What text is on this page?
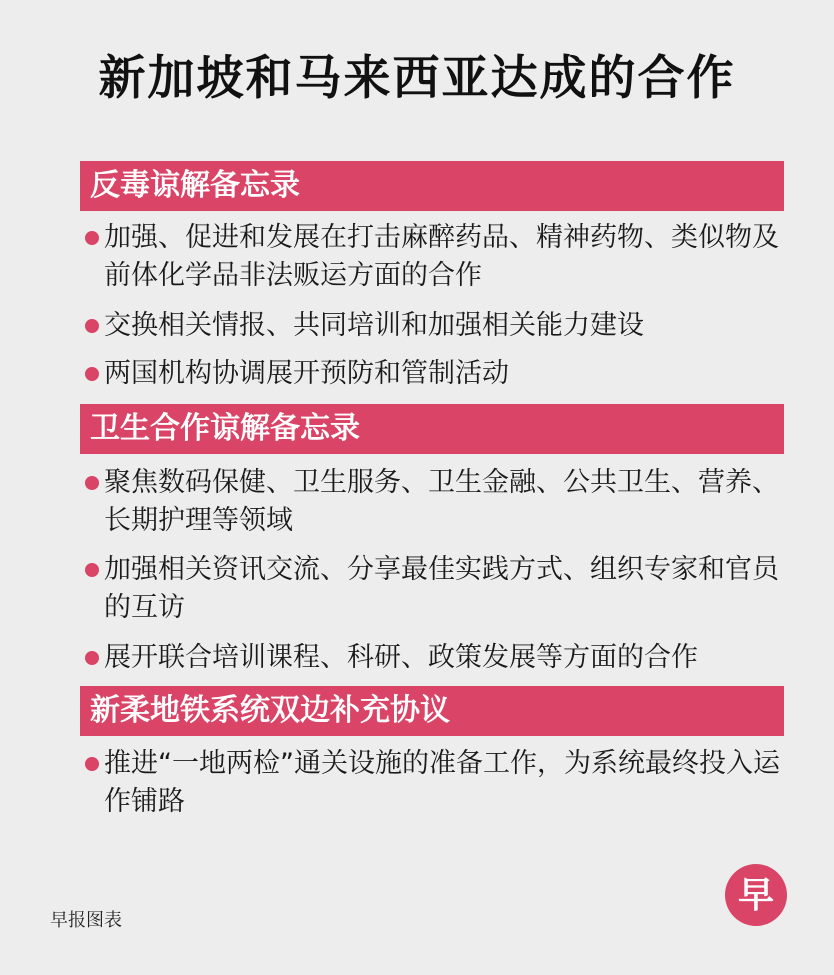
新加坡和马来西亚达成的合作
反毒谅解备忘录
加强、促进和发展在打击麻醉药品、精神药物、类似物及前体化学品非法贩运方面的合作
交换相关情报、共同培训和加强相关能力建设
两国机构协调展开预防和管制活动
卫生合作谅解备忘录
聚焦数码保健、卫生服务、卫生金融、公共卫生、营养、长期护理等领域
加强相关资讯交流、分享最佳实践方式、组织专家和官员的互访
展开联合培训课程、科研、政策发展等方面的合作
新柔地铁系统双边补充协议
推进“一地两检”通关设施的准备工作，为系统最终投入运作铺路
早报图表
早
